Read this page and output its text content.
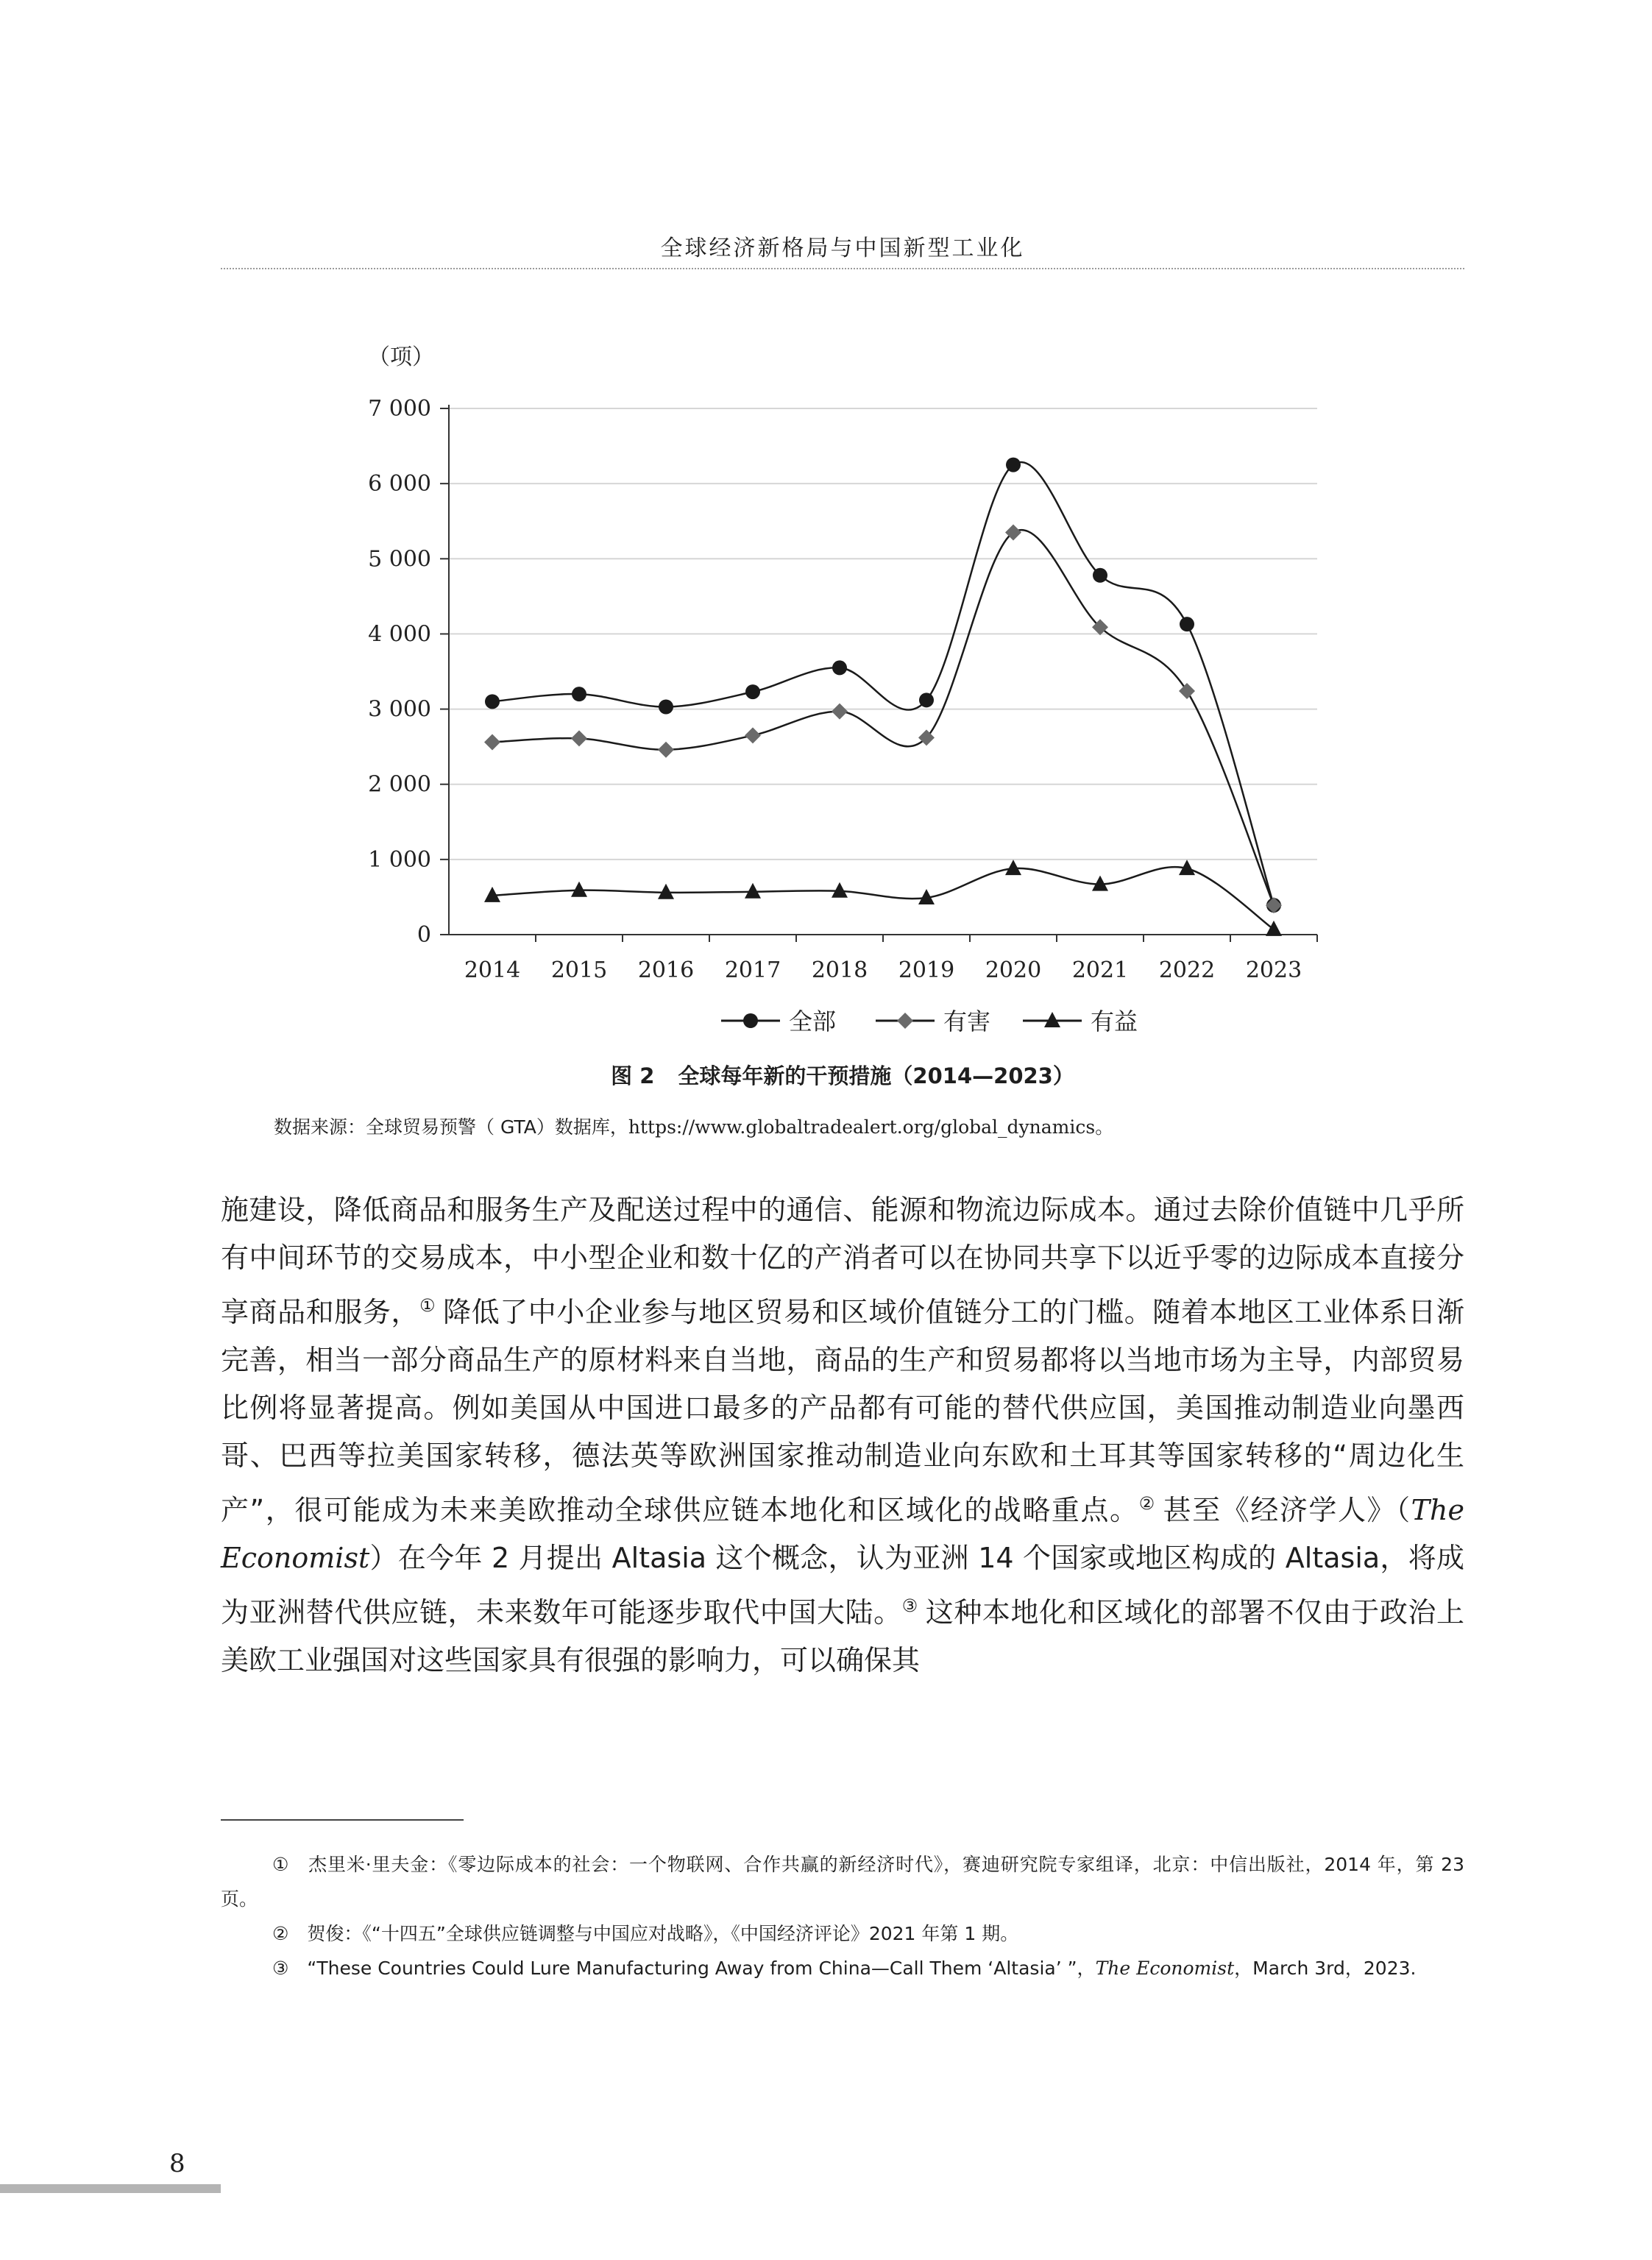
全球经济新格局与中国新型工业化
（项）
0
1 000
2 000
3 000
4 000
5 000
6 000
7 000
2014 2015 2016 2017 2018 2019 2020 2021 2022 2023
全部	有害	有益
图 2 全球每年新的干预措施（2014—2023）
数据来源：全球贸易预警（ GTA）数据库，https://www.globaltradealert.org/global_dynamics。

施建设，降低商品和服务生产及配送过程中的通信、能源和物流边际成本。通过去除价值链中几乎所有中间环节的交易成本，中小型企业和数十亿的产消者可以在协同共享下以近乎零的边际成本直接分享商品和服务，① 降低了中小企业参与地区贸易和区域价值链分工的门槛。随着本地区工业体系日渐完善，相当一部分商品生产的原材料来自当地，商品的生产和贸易都将以当地市场为主导，内部贸易比例将显著提高。例如美国从中国进口最多的产品都有可能的替代供应国，美国推动制造业向墨西哥、巴西等拉美国家转移，德法英等欧洲国家推动制造业向东欧和土耳其等国家转移的“周边化生产”，很可能成为未来美欧推动全球供应链本地化和区域化的战略重点。② 甚至《经济学人》（The Economist）在今年 2 月提出 Altasia 这个概念，认为亚洲 14 个国家或地区构成的 Altasia，将成为亚洲替代供应链，未来数年可能逐步取代中国大陆。③ 这种本地化和区域化的部署不仅由于政治上美欧工业强国对这些国家具有很强的影响力，可以确保其

①　杰里米·里夫金：《零边际成本的社会：一个物联网、合作共赢的新经济时代》，赛迪研究院专家组译，北京：中信出版社，2014 年，第 23 页。

②　贺俊：《“十四五”全球供应链调整与中国应对战略》，《中国经济评论》2021 年第 1 期。

③　“These Countries Could Lure Manufacturing Away from China—Call Them ‘Altasia’ ”，The Economist，March 3rd，2023.

8
